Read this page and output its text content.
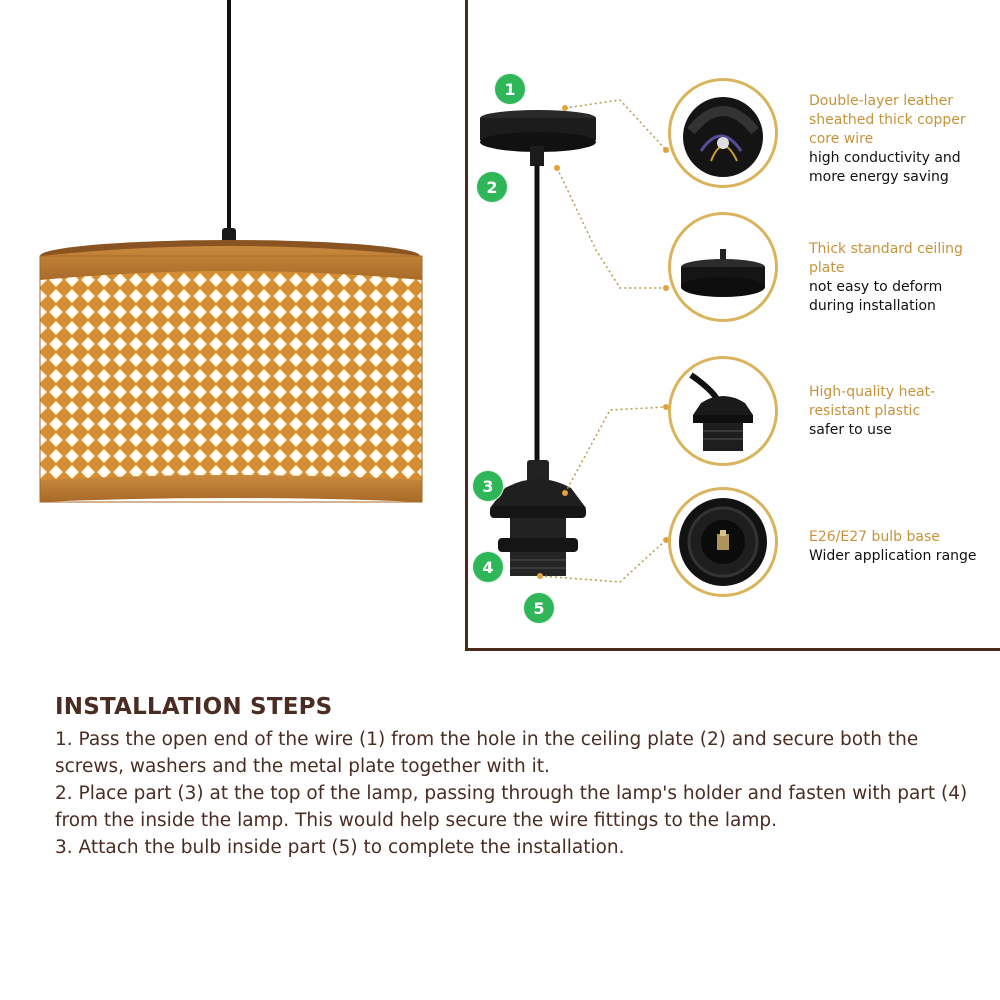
1
2
3
4
5
Double-layer leather sheathed thick copper core wire
high conductivity and more energy saving
Thick standard ceiling plate
not easy to deform during installation
High-quality heat-resistant plastic
safer to use
E26/E27 bulb base
Wider application range
INSTALLATION STEPS

1. Pass the open end of the wire (1) from the hole in the ceiling plate (2) and secure both the screws, washers and the metal plate together with it.

2. Place part (3) at the top of the lamp, passing through the lamp's holder and fasten with part (4) from the inside the lamp. This would help secure the wire fittings to the lamp.

3. Attach the bulb inside part (5) to complete the installation.
